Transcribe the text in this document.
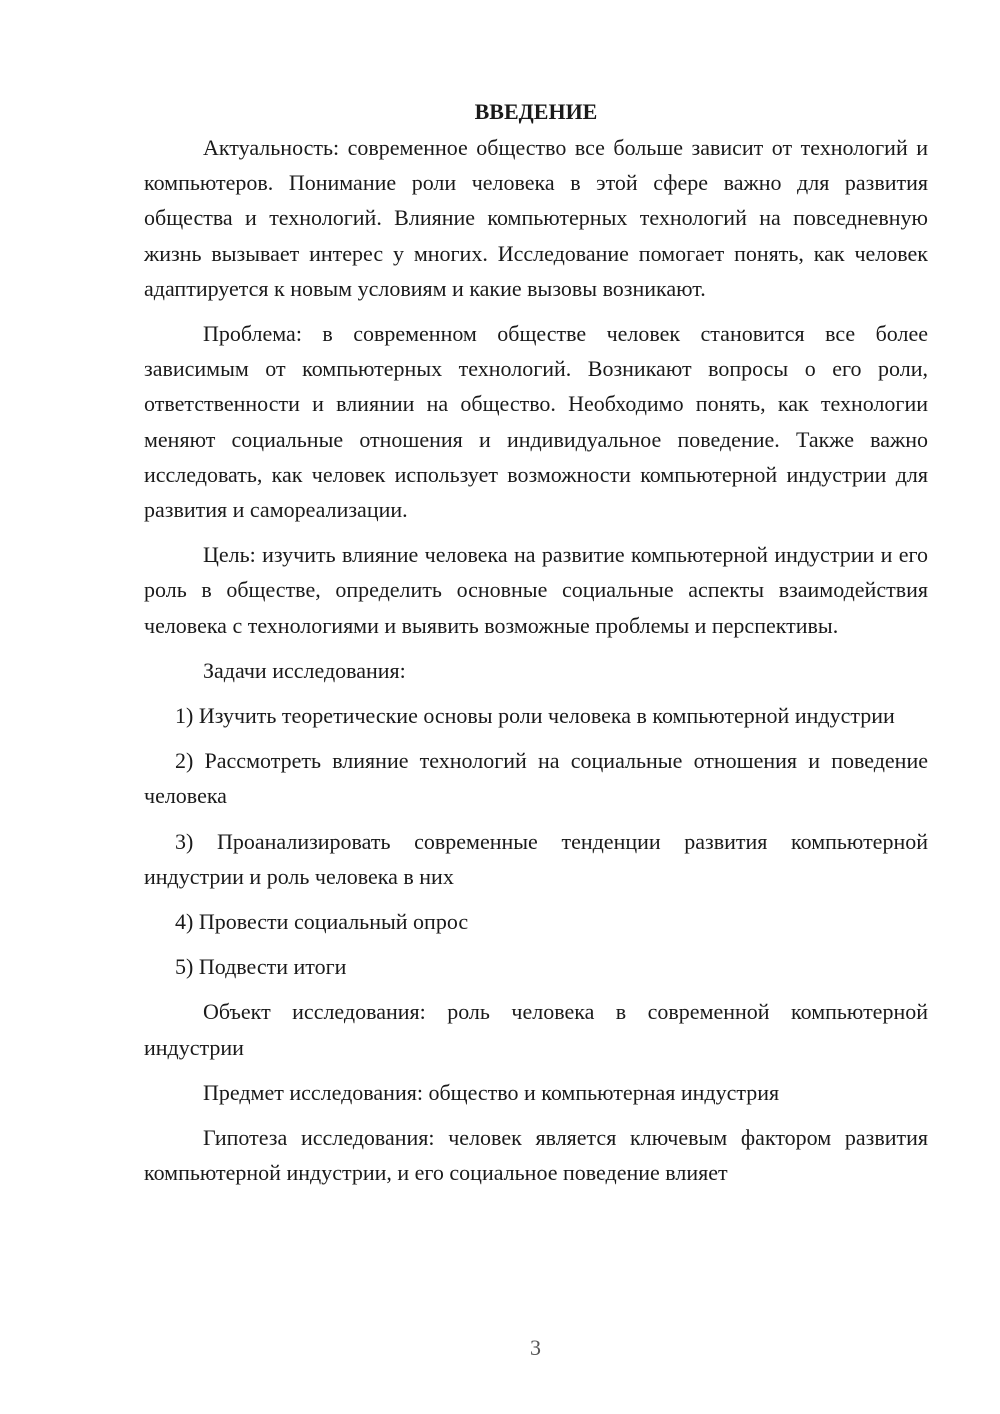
ВВЕДЕНИЕ

Актуальность: современное общество все больше зависит от технологий и компьютеров. Понимание роли человека в этой сфере важно для развития общества и технологий. Влияние компьютерных технологий на повседневную жизнь вызывает интерес у многих. Исследование помогает понять, как человек адаптируется к новым условиям и какие вызовы возникают.

Проблема: в современном обществе человек становится все более зависимым от компьютерных технологий. Возникают вопросы о его роли, ответственности и влиянии на общество. Необходимо понять, как технологии меняют социальные отношения и индивидуальное поведение. Также важно исследовать, как человек использует возможности компьютерной индустрии для развития и самореализации.

Цель: изучить влияние человека на развитие компьютерной индустрии и его роль в обществе, определить основные социальные аспекты взаимодействия человека с технологиями и выявить возможные проблемы и перспективы.

Задачи исследования:

1) Изучить теоретические основы роли человека в компьютерной индустрии

2) Рассмотреть влияние технологий на социальные отношения и поведение человека

3) Проанализировать современные тенденции развития компьютерной индустрии и роль человека в них

4) Провести социальный опрос

5) Подвести итоги

Объект исследования: роль человека в современной компьютерной индустрии

Предмет исследования: общество и компьютерная индустрия

Гипотеза исследования: человек является ключевым фактором развития компьютерной индустрии, и его социальное поведение влияет

3
